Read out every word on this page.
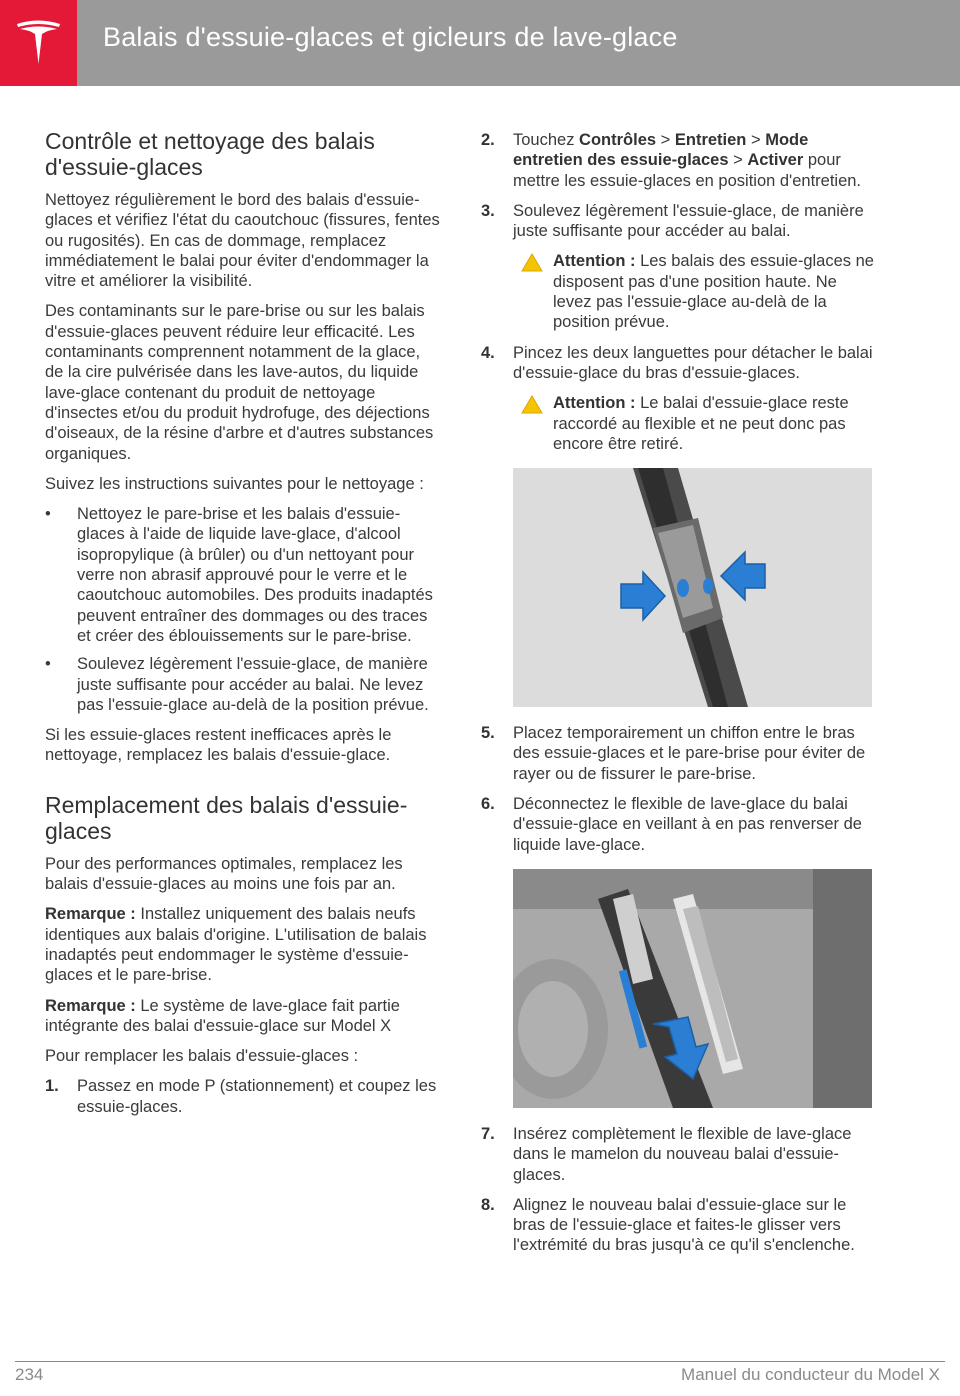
Balais d'essuie-glaces et gicleurs de lave-glace
Contrôle et nettoyage des balais d'essuie-glaces

Nettoyez régulièrement le bord des balais d'essuie-glaces et vérifiez l'état du caoutchouc (fissures, fentes ou rugosités). En cas de dommage, remplacez immédiatement le balai pour éviter d'endommager la vitre et améliorer la visibilité.

Des contaminants sur le pare-brise ou sur les balais d'essuie-glaces peuvent réduire leur efficacité. Les contaminants comprennent notamment de la glace, de la cire pulvérisée dans les lave-autos, du liquide lave-glace contenant du produit de nettoyage d'insectes et/ou du produit hydrofuge, des déjections d'oiseaux, de la résine d'arbre et d'autres substances organiques.

Suivez les instructions suivantes pour le nettoyage :

• Nettoyez le pare-brise et les balais d'essuie-glaces à l'aide de liquide lave-glace, d'alcool isopropylique (à brûler) ou d'un nettoyant pour verre non abrasif approuvé pour le verre et le caoutchouc automobiles. Des produits inadaptés peuvent entraîner des dommages ou des traces et créer des éblouissements sur le pare-brise.
• Soulevez légèrement l'essuie-glace, de manière juste suffisante pour accéder au balai. Ne levez pas l'essuie-glace au-delà de la position prévue.

Si les essuie-glaces restent inefficaces après le nettoyage, remplacez les balais d'essuie-glace.

Remplacement des balais d'essuie-glaces

Pour des performances optimales, remplacez les balais d'essuie-glaces au moins une fois par an.

Remarque : Installez uniquement des balais neufs identiques aux balais d'origine. L'utilisation de balais inadaptés peut endommager le système d'essuie-glaces et le pare-brise.

Remarque : Le système de lave-glace fait partie intégrante des balai d'essuie-glace sur Model X

Pour remplacer les balais d'essuie-glaces :

1. Passez en mode P (stationnement) et coupez les essuie-glaces.
2. Touchez Contrôles > Entretien > Mode entretien des essuie-glaces > Activer pour mettre les essuie-glaces en position d'entretien.
3. Soulevez légèrement l'essuie-glace, de manière juste suffisante pour accéder au balai.
Attention : Les balais des essuie-glaces ne disposent pas d'une position haute. Ne levez pas l'essuie-glace au-delà de la position prévue.
4. Pincez les deux languettes pour détacher le balai d'essuie-glace du bras d'essuie-glaces.
Attention : Le balai d'essuie-glace reste raccordé au flexible et ne peut donc pas encore être retiré.
5. Placez temporairement un chiffon entre le bras des essuie-glaces et le pare-brise pour éviter de rayer ou de fissurer le pare-brise.
6. Déconnectez le flexible de lave-glace du balai d'essuie-glace en veillant à en pas renverser de liquide lave-glace.
7. Insérez complètement le flexible de lave-glace dans le mamelon du nouveau balai d'essuie-glaces.
8. Alignez le nouveau balai d'essuie-glace sur le bras de l'essuie-glace et faites-le glisser vers l'extrémité du bras jusqu'à ce qu'il s'enclenche.
234	Manuel du conducteur du Model X
